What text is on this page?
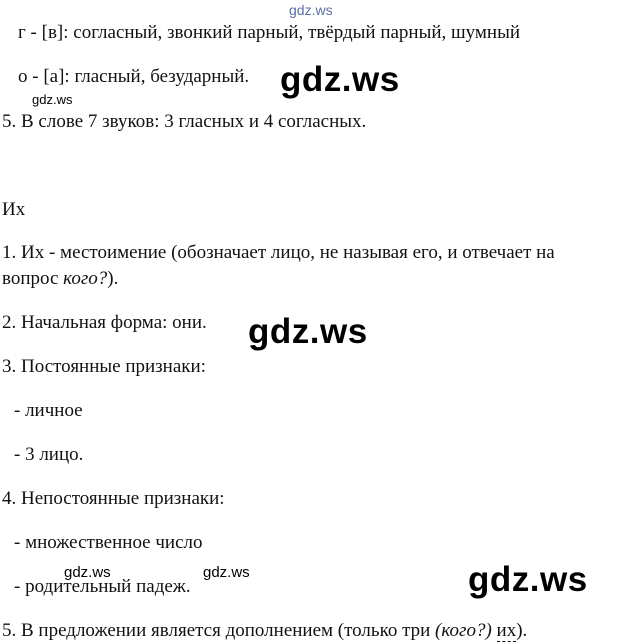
gdz.ws
г - [в]: согласный, звонкий парный, твёрдый парный, шумный
о - [а]: гласный, безударный. gdz.ws
gdz.ws
5. В слове 7 звуков: 3 гласных и 4 согласных.
Их
1. Их - местоимение (обозначает лицо, не называя его, и отвечает на
вопрос кого?).
2. Начальная форма: они. gdz.ws
3. Постоянные признаки:
- личное
- 3 лицо.
4. Непостоянные признаки:
- множественное число
- родительный падеж.
gdz.ws	gdz.ws	gdz.ws
5. В предложении является дополнением (только три (кого?) их).
